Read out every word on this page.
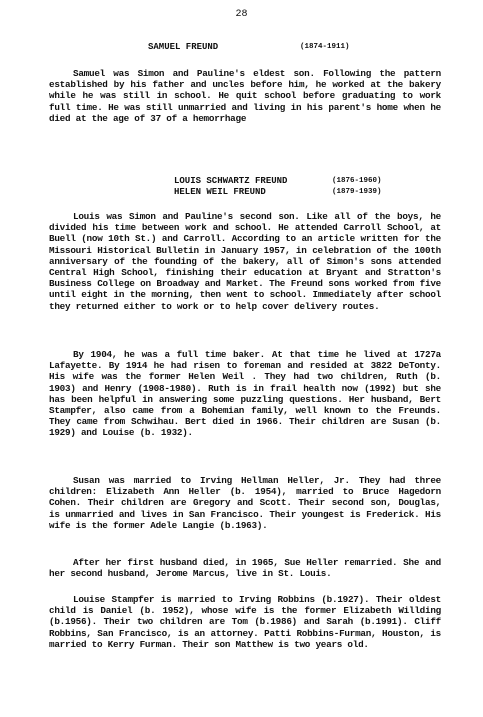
28
SAMUEL FREUND	(1874-1911)

Samuel was Simon and Pauline's eldest son. Following the pattern established by his father and uncles before him, he worked at the bakery while he was still in school. He quit school before graduating to work full time. He was still unmarried and living in his parent's home when he died at the age of 37 of a hemorrhage

LOUIS SCHWARTZ FREUND	(1876-1960)
HELEN WEIL FREUND	(1879-1939)

Louis was Simon and Pauline's second son. Like all of the boys, he divided his time between work and school. He attended Carroll School, at Buell (now 10th St.) and Carroll. According to an article written for the Missouri Historical Bulletin in January 1957, in celebration of the 100th anniversary of the founding of the bakery, all of Simon's sons attended Central High School, finishing their education at Bryant and Stratton's Business College on Broadway and Market. The Freund sons worked from five until eight in the morning, then went to school. Immediately after school they returned either to work or to help cover delivery routes.

By 1904, he was a full time baker. At that time he lived at 1727a Lafayette. By 1914 he had risen to foreman and resided at 3822 DeTonty. His wife was the former Helen Weil . They had two children, Ruth (b. 1903) and Henry (1908-1980). Ruth is in frail health now (1992) but she has been helpful in answering some puzzling questions. Her husband, Bert Stampfer, also came from a Bohemian family, well known to the Freunds. They came from Schwihau. Bert died in 1966. Their children are Susan (b. 1929) and Louise (b. 1932).

Susan was married to Irving Hellman Heller, Jr. They had three children: Elizabeth Ann Heller (b. 1954), married to Bruce Hagedorn Cohen. Their children are Gregory and Scott. Their second son, Douglas, is unmarried and lives in San Francisco. Their youngest is Frederick. His wife is the former Adele Langie (b.1963).

After her first husband died, in 1965, Sue Heller remarried. She and her second husband, Jerome Marcus, live in St. Louis.

Louise Stampfer is married to Irving Robbins (b.1927). Their oldest child is Daniel (b. 1952), whose wife is the former Elizabeth Willding (b.1956). Their two children are Tom (b.1986) and Sarah (b.1991). Cliff Robbins, San Francisco, is an attorney. Patti Robbins-Furman, Houston, is married to Kerry Furman. Their son Matthew is two years old.
